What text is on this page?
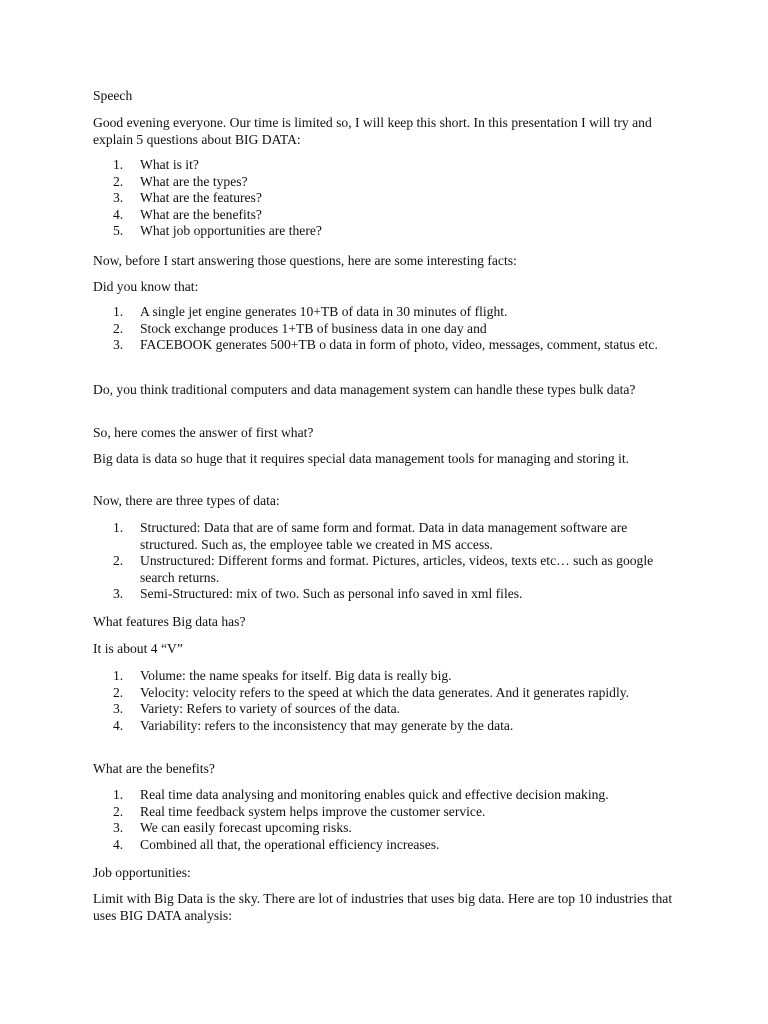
Speech

Good evening everyone. Our time is limited so, I will keep this short. In this presentation I will try and explain 5 questions about BIG DATA:

1. What is it?
2. What are the types?
3. What are the features?
4. What are the benefits?
5. What job opportunities are there?

Now, before I start answering those questions, here are some interesting facts:

Did you know that:

1. A single jet engine generates 10+TB of data in 30 minutes of flight.
2. Stock exchange produces 1+TB of business data in one day and
3. FACEBOOK generates 500+TB o data in form of photo, video, messages, comment, status etc.

Do, you think traditional computers and data management system can handle these types bulk data?

So, here comes the answer of first what?

Big data is data so huge that it requires special data management tools for managing and storing it.

Now, there are three types of data:

1. Structured: Data that are of same form and format. Data in data management software are structured. Such as, the employee table we created in MS access.
2. Unstructured: Different forms and format. Pictures, articles, videos, texts etc… such as google search returns.
3. Semi-Structured: mix of two. Such as personal info saved in xml files.

What features Big data has?

It is about 4 “V”

1. Volume: the name speaks for itself. Big data is really big.
2. Velocity: velocity refers to the speed at which the data generates. And it generates rapidly.
3. Variety: Refers to variety of sources of the data.
4. Variability: refers to the inconsistency that may generate by the data.

What are the benefits?

1. Real time data analysing and monitoring enables quick and effective decision making.
2. Real time feedback system helps improve the customer service.
3. We can easily forecast upcoming risks.
4. Combined all that, the operational efficiency increases.

Job opportunities:

Limit with Big Data is the sky. There are lot of industries that uses big data. Here are top 10 industries that uses BIG DATA analysis:
